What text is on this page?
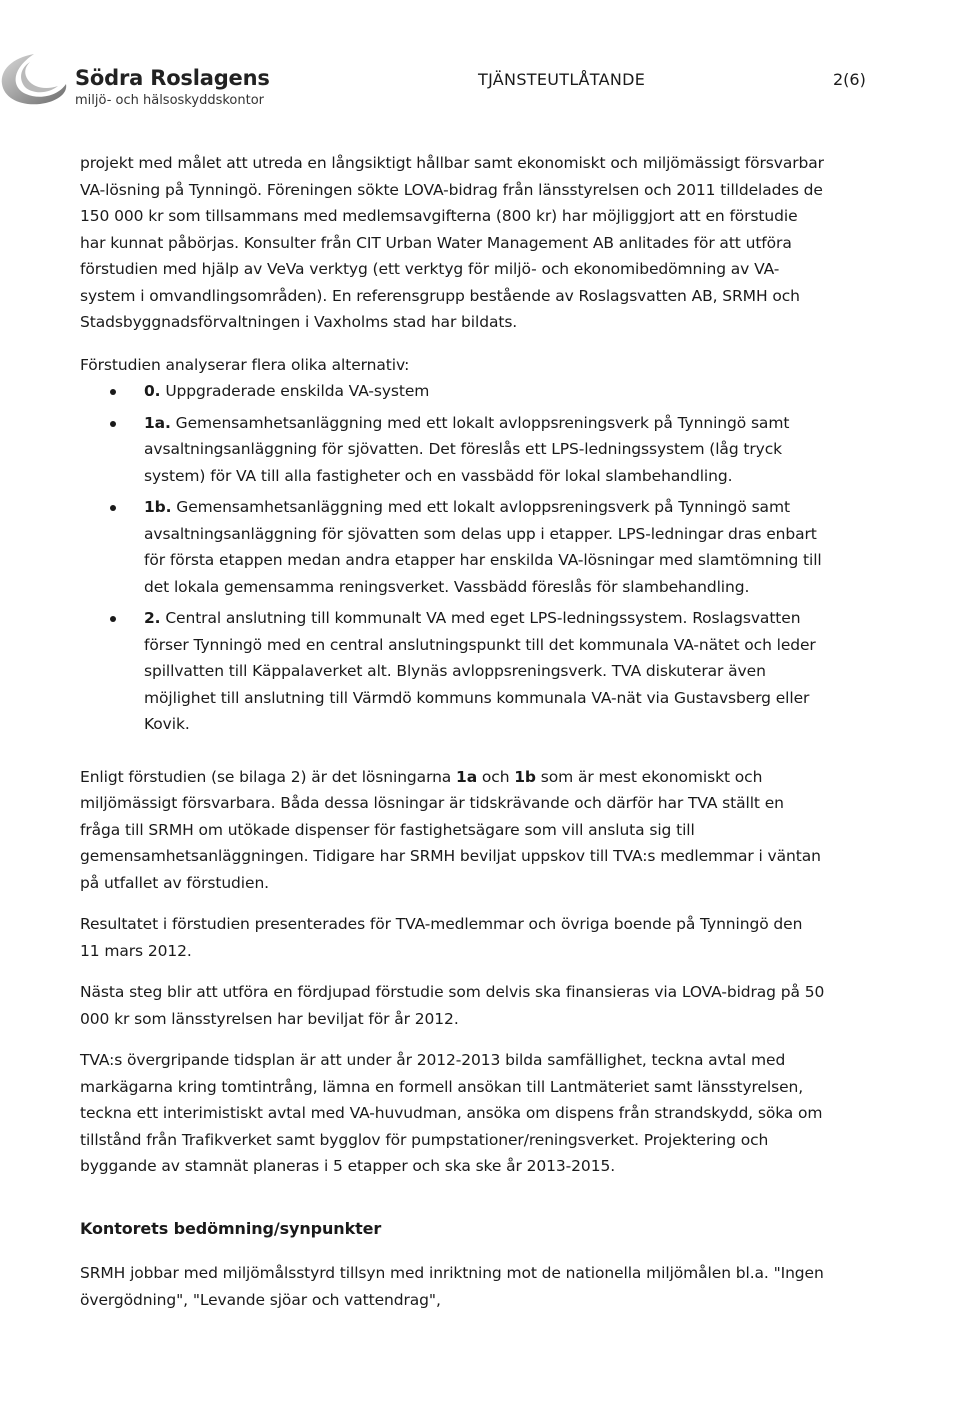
Södra Roslagens
miljö- och hälsoskyddskontor
TJÄNSTEUTLÅTANDE	2(6)

projekt med målet att utreda en långsiktigt hållbar samt ekonomiskt och miljömässigt försvarbar VA-lösning på Tynningö. Föreningen sökte LOVA-bidrag från länsstyrelsen och 2011 tilldelades de 150 000 kr som tillsammans med medlemsavgifterna (800 kr) har möjliggjort att en förstudie har kunnat påbörjas. Konsulter från CIT Urban Water Management AB anlitades för att utföra förstudien med hjälp av VeVa verktyg (ett verktyg för miljö- och ekonomibedömning av VA-system i omvandlingsområden). En referensgrupp bestående av Roslagsvatten AB, SRMH och Stadsbyggnadsförvaltningen i Vaxholms stad har bildats.

Förstudien analyserar flera olika alternativ:

0. Uppgraderade enskilda VA-system
1a. Gemensamhetsanläggning med ett lokalt avloppsreningsverk på Tynningö samt avsaltningsanläggning för sjövatten. Det föreslås ett LPS-ledningssystem (låg tryck system) för VA till alla fastigheter och en vassbädd för lokal slambehandling.
1b. Gemensamhetsanläggning med ett lokalt avloppsreningsverk på Tynningö samt avsaltningsanläggning för sjövatten som delas upp i etapper. LPS-ledningar dras enbart för första etappen medan andra etapper har enskilda VA-lösningar med slamtömning till det lokala gemensamma reningsverket. Vassbädd föreslås för slambehandling.
2. Central anslutning till kommunalt VA med eget LPS-ledningssystem. Roslagsvatten förser Tynningö med en central anslutningspunkt till det kommunala VA-nätet och leder spillvatten till Käppalaverket alt. Blynäs avloppsreningsverk. TVA diskuterar även möjlighet till anslutning till Värmdö kommuns kommunala VA-nät via Gustavsberg eller Kovik.

Enligt förstudien (se bilaga 2) är det lösningarna 1a och 1b som är mest ekonomiskt och miljömässigt försvarbara. Båda dessa lösningar är tidskrävande och därför har TVA ställt en fråga till SRMH om utökade dispenser för fastighetsägare som vill ansluta sig till gemensamhetsanläggningen. Tidigare har SRMH beviljat uppskov till TVA:s medlemmar i väntan på utfallet av förstudien.

Resultatet i förstudien presenterades för TVA-medlemmar och övriga boende på Tynningö den 11 mars 2012.

Nästa steg blir att utföra en fördjupad förstudie som delvis ska finansieras via LOVA-bidrag på 50 000 kr som länsstyrelsen har beviljat för år 2012.

TVA:s övergripande tidsplan är att under år 2012-2013 bilda samfällighet, teckna avtal med markägarna kring tomtintrång, lämna en formell ansökan till Lantmäteriet samt länsstyrelsen, teckna ett interimistiskt avtal med VA-huvudman, ansöka om dispens från strandskydd, söka om tillstånd från Trafikverket samt bygglov för pumpstationer/reningsverket. Projektering och byggande av stamnät planeras i 5 etapper och ska ske år 2013-2015.

Kontorets bedömning/synpunkter

SRMH jobbar med miljömålsstyrd tillsyn med inriktning mot de nationella miljömålen bl.a. "Ingen övergödning", "Levande sjöar och vattendrag",
